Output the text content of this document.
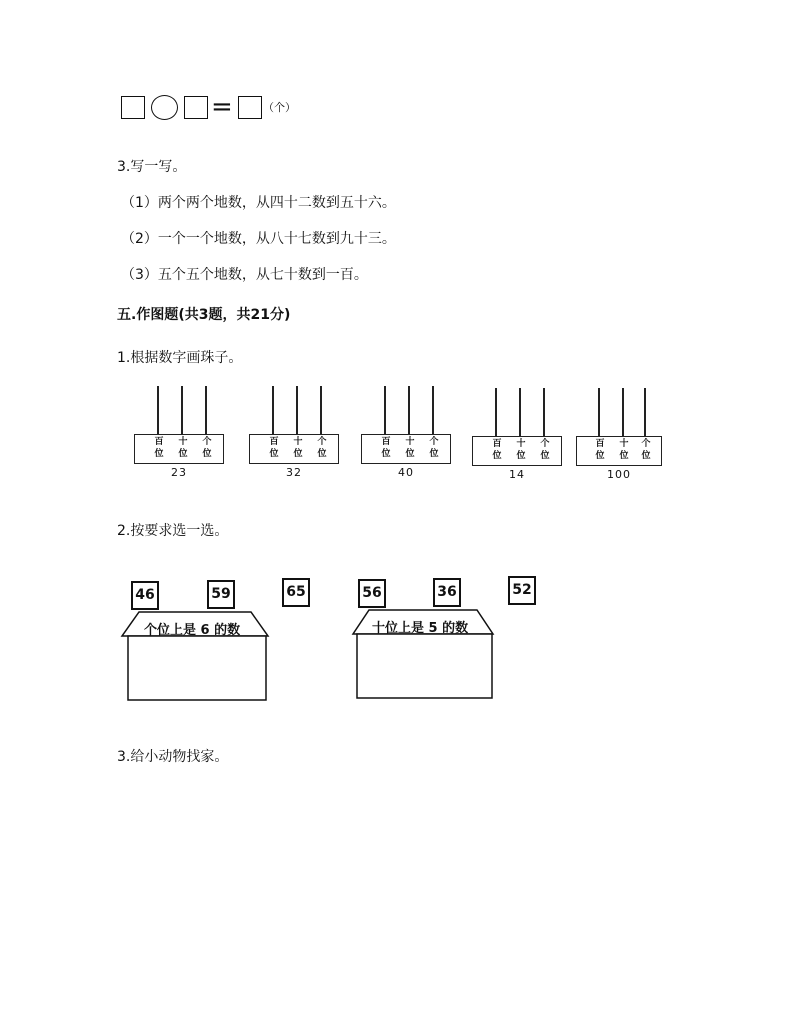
=	（个）
3.写一写。
（1）两个两个地数，从四十二数到五十六。
（2）一个一个地数，从八十七数到九十三。
（3）五个五个地数，从七十数到一百。
五.作图题(共3题，共21分)
1.根据数字画珠子。
百
位
十
位
个
位
23
百
位
十
位
个
位
32
百
位
十
位
个
位
40
百
位
十
位
个
位
14
百
位
十
位
个
位
100
2.按要求选一选。
46	59	65	56	36	52
个位上是 6 的数	十位上是 5 的数
3.给小动物找家。
